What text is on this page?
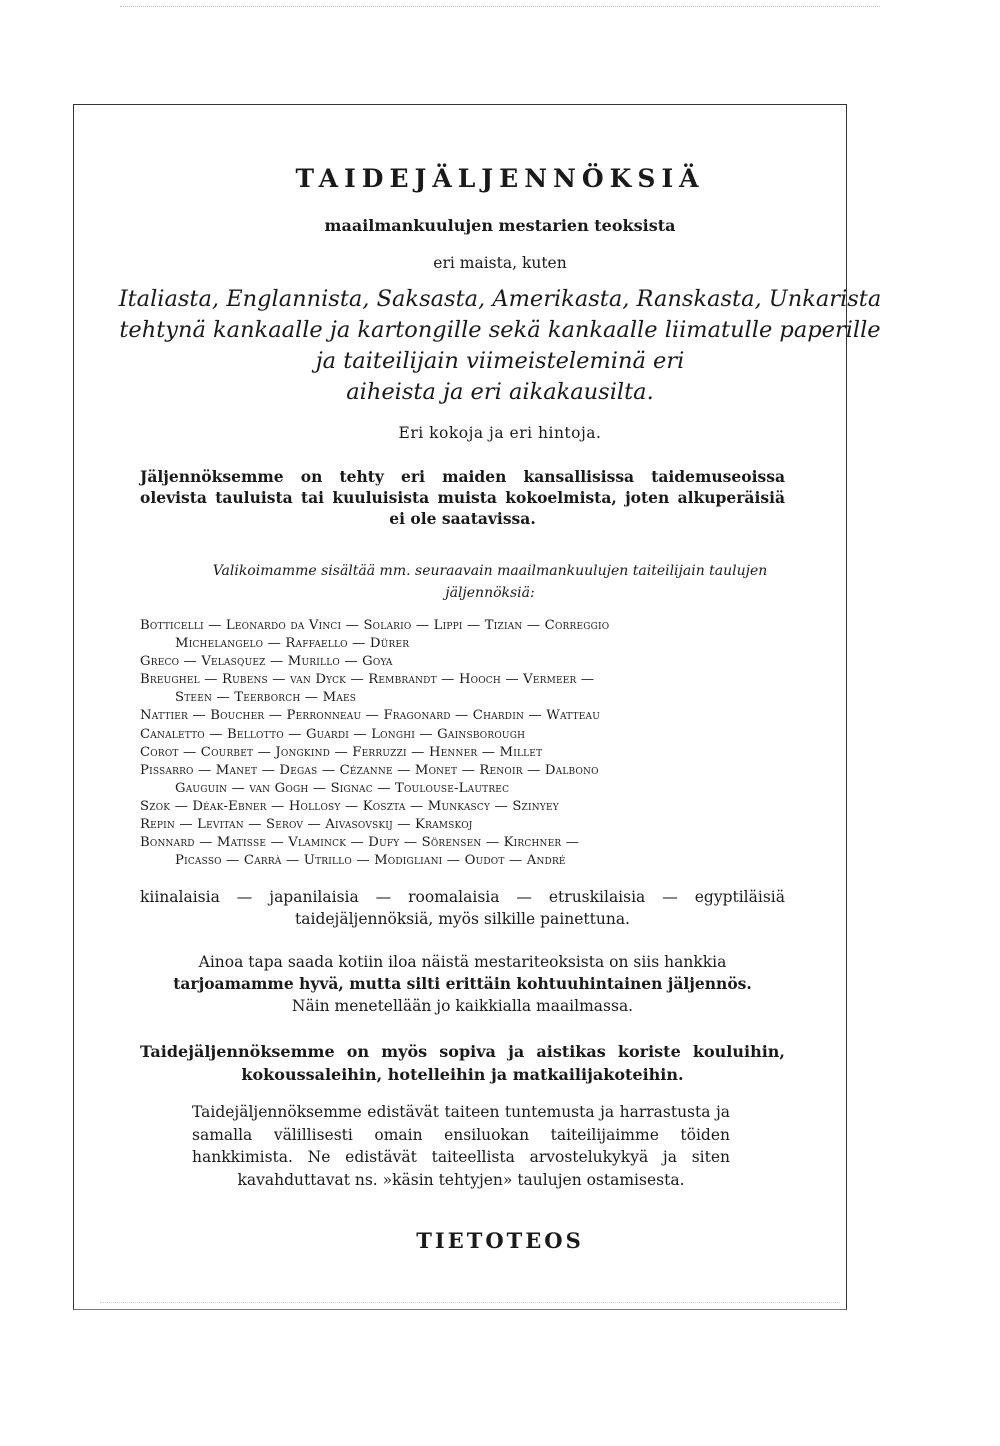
TAIDEJÄLJENNÖKSIÄ
maailmankuulujen mestarien teoksista
eri maista, kuten
Italiasta, Englannista, Saksasta, Amerikasta, Ranskasta, Unkarista
tehtynä kankaalle ja kartongille sekä kankaalle liimatulle paperille
ja taiteilijain viimeisteleminä eri
aiheista ja eri aikakausilta.
Eri kokoja ja eri hintoja.
Jäljennöksemme on tehty eri maiden kansallisissa taidemuseoissa olevista tauluista tai kuuluisista muista kokoelmista, joten alkuperäisiä ei ole saatavissa.
Valikoimamme sisältää mm. seuraavain maailmankuulujen taiteilijain taulujen
jäljennöksiä:
Botticelli — Leonardo da Vinci — Solario — Lippi — Tizian — Correggio
Michelangelo — Raffaello — Dürer
Greco — Velasquez — Murillo — Goya
Breughel — Rubens — van Dyck — Rembrandt — Hooch — Vermeer —
Steen — Teerborch — Maes
Nattier — Boucher — Perronneau — Fragonard — Chardin — Watteau
Canaletto — Bellotto — Guardi — Longhi — Gainsborough
Corot — Courbet — Jongkind — Ferruzzi — Henner — Millet
Pissarro — Manet — Degas — Cézanne — Monet — Renoir — Dalbono
Gauguin — van Gogh — Signac — Toulouse-Lautrec
Szok — Déak-Ebner — Hollosy — Koszta — Munkascy — Szinyey
Repin — Levitan — Serov — Aivasovskij — Kramskoj
Bonnard — Matisse — Vlaminck — Dufy — Sörensen — Kirchner —
Picasso — Carrà — Utrillo — Modigliani — Oudot — André
kiinalaisia — japanilaisia — roomalaisia — etruskilaisia — egyptiläisiä taidejäljennöksiä, myös silkille painettuna.
Ainoa tapa saada kotiin iloa näistä mestariteoksista on siis hankkia
tarjoamamme hyvä, mutta silti erittäin kohtuuhintainen jäljennös.
Näin menetellään jo kaikkialla maailmassa.
Taidejäljennöksemme on myös sopiva ja aistikas koriste kouluihin, kokoussaleihin, hotelleihin ja matkailijakoteihin.
Taidejäljennöksemme edistävät taiteen tuntemusta ja harrastusta ja samalla välillisesti omain ensiluokan taiteilijaimme töiden hankkimista. Ne edistävät taiteellista arvostelukykyä ja siten kavahduttavat ns. »käsin tehtyjen» taulujen ostamisesta.
TIETOTEOS
